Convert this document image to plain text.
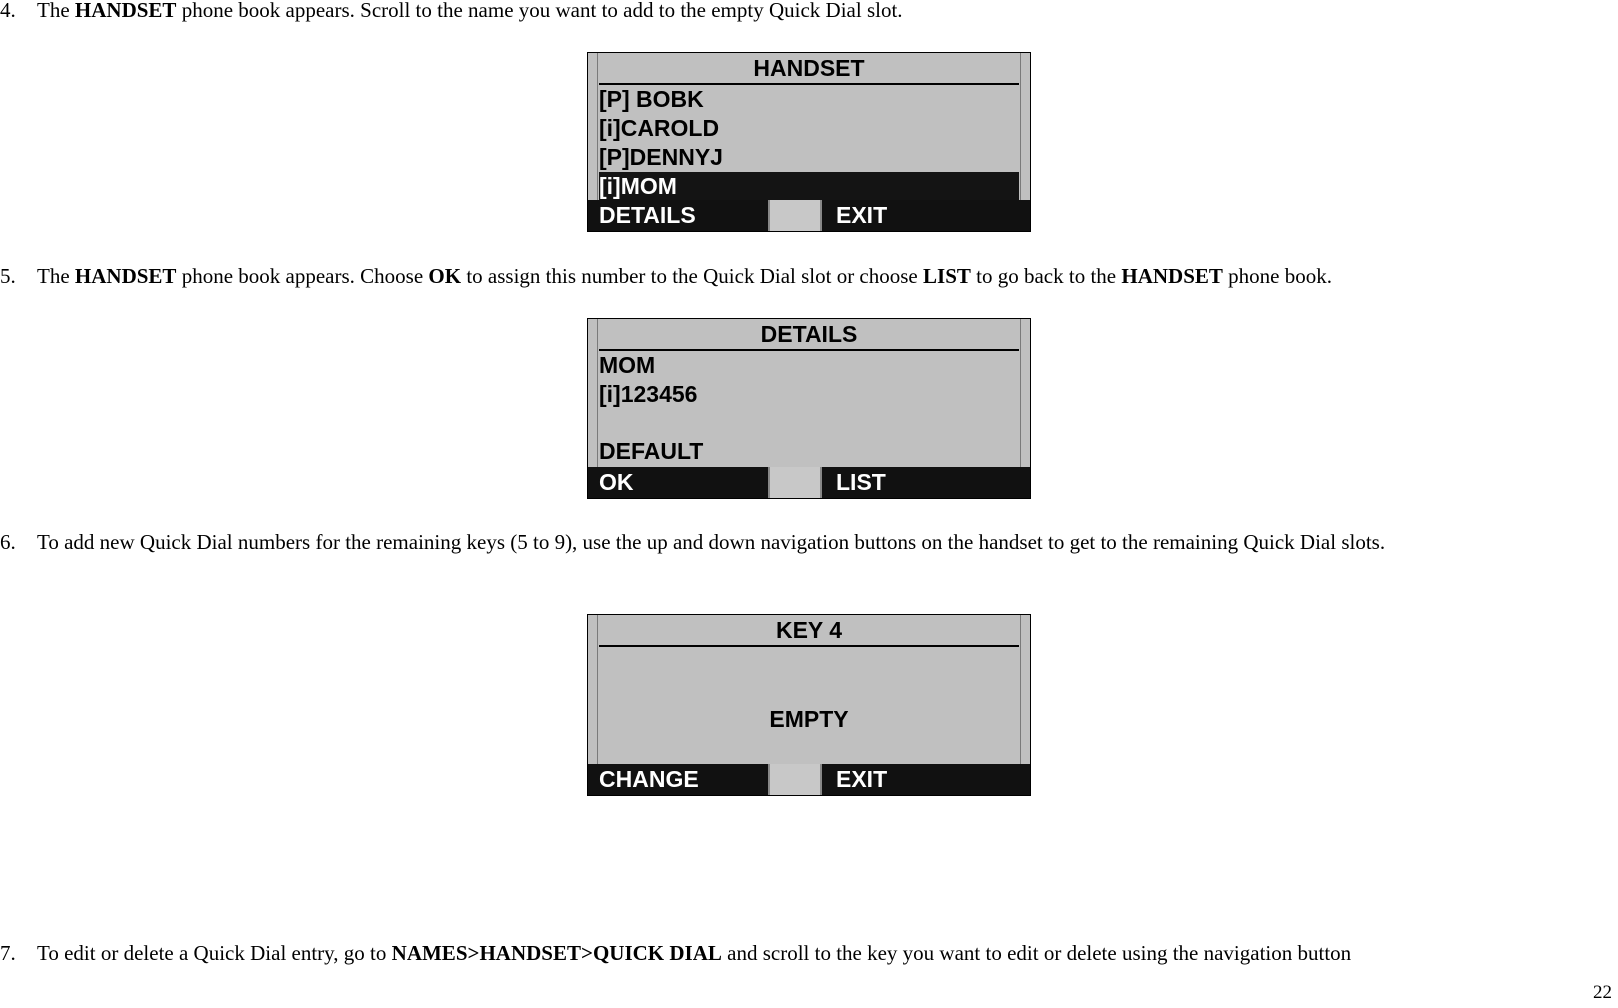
4. The HANDSET phone book appears. Scroll to the name you want to add to the empty Quick Dial slot.
HANDSET
[P] BOBK
[i]CAROLD
[P]DENNYJ
[i]MOM
DETAILS	EXIT
5. The HANDSET phone book appears. Choose OK to assign this number to the Quick Dial slot or choose LIST to go back to the HANDSET phone book.
DETAILS
MOM
[i]123456
DEFAULT
OK	LIST
6. To add new Quick Dial numbers for the remaining keys (5 to 9), use the up and down navigation buttons on the handset to get to the remaining Quick Dial slots.
KEY 4
EMPTY
CHANGE	EXIT
7. To edit or delete a Quick Dial entry, go to NAMES>HANDSET>QUICK DIAL and scroll to the key you want to edit or delete using the navigation button
22
